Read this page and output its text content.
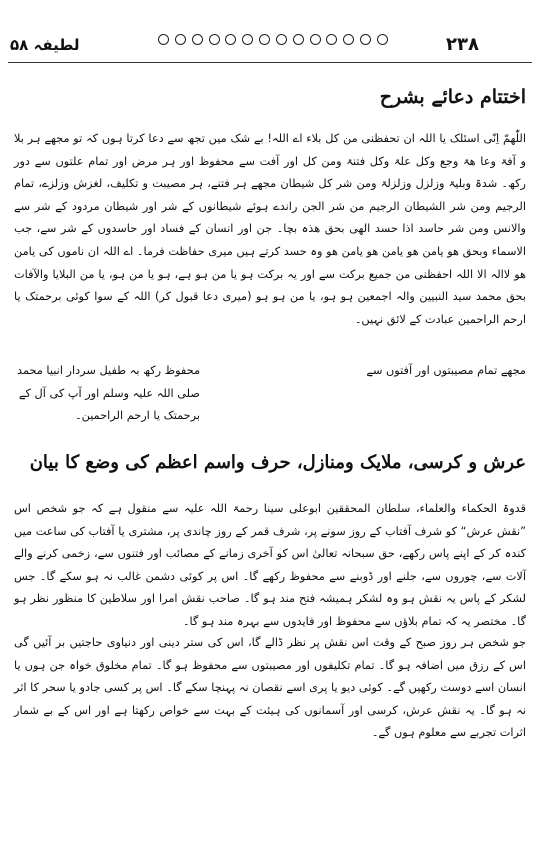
۲۳۸
لطیفہ ۵۸
اختتام دعائے بشرح

اللّٰھمّ اِنّی اسئلک یا اللہ ان تحفظنی من کل بلاء اے اللہ! بے شک میں تجھ سے دعا کرتا ہوں کہ تو مجھے ہر بلا و آفۃ وعا ھۃ وجع وکل علۃ وکل فتنۃ ومن کل اور آفت سے محفوظ اور ہر مرض اور تمام علتوں سے دور رکھ۔ شدۃ وبلیۃ وزلزل وزلزلۃ ومن شر کل شیطان مجھے ہر فتنے، ہر مصیبت و تکلیف، لغزش وزلزے، تمام الرجیم ومن شر الشیطان الرجیم من شر الجن راندے ہوئے شیطانوں کے شر اور شیطان مردود کے شر سے والانس ومن شر حاسد اذا حسد الھی بحق ھذہ بچا۔ جن اور انسان کے فساد اور حاسدوں کے شر سے، جب الاسماء وبحق ھو یامن ھو یامن ھو یامن ھو وہ حسد کرتے ہیں میری حفاظت فرما۔ اے اللہ ان ناموں کی یامن ھو لاالہ الا اللہ احفظنی من جمیع برکت سے اور یہ برکت ہو یا من ہو ہے، ہو یا من ہو، یا من البلایا والآفات بحق محمد سید النبیین والہ اجمعین ہو ہو، یا من ہو ہو (میری دعا قبول کر) اللہ کے سوا کوئی برحمتک یا ارحم الراحمین عبادت کے لائق نہیں۔

مجھے تمام مصیبتوں اور آفتوں سے
محفوظ رکھ بہ طفیل سردار انبیا محمد صلی اللہ علیہ وسلم اور آپ کی آل کے برحمتک یا ارحم الراحمین۔
عرش و کرسی، ملایک ومنازل، حرف واسم اعظم کی وضع کا بیان

قدوۃ الحکماء والعلماء، سلطان المحققین ابوعلی سینا رحمۃ اللہ علیہ سے منقول ہے کہ جو شخص اس ”نقش عرش“ کو شرف آفتاب کے روز سونے پر، شرف قمر کے روز چاندی پر، مشتری یا آفتاب کی ساعت میں کندہ کر کے اپنے پاس رکھے، حق سبحانہ تعالیٰ اس کو آخری زمانے کے مصائب اور فتنوں سے، زخمی کرنے والے آلات سے، چوروں سے، جلنے اور ڈوبنے سے محفوظ رکھے گا۔ اس پر کوئی دشمن غالب نہ ہو سکے گا۔ جس لشکر کے پاس یہ نقش ہو وہ لشکر ہمیشہ فتح مند ہو گا۔ صاحب نقش امرا اور سلاطین کا منظور نظر ہو گا۔ مختصر یہ کہ تمام بلاؤں سے محفوظ اور فایدوں سے بہرہ مند ہو گا۔

جو شخص ہر روز صبح کے وقت اس نقش پر نظر ڈالے گا، اس کی ستر دینی اور دنیاوی حاجتیں بر آئیں گی اس کے رزق میں اضافہ ہو گا۔ تمام تکلیفوں اور مصیبتوں سے محفوظ ہو گا۔ تمام مخلوق خواہ جن ہوں یا انسان اسے دوست رکھیں گے۔ کوئی دیو یا پری اسے نقصان نہ پہنچا سکے گا۔ اس پر کسی جادو یا سحر کا اثر نہ ہو گا۔ یہ نقش عرش، کرسی اور آسمانوں کی ہیئت کے بہت سے خواص رکھتا ہے اور اس کے بے شمار اثرات تجربے سے معلوم ہوں گے۔
